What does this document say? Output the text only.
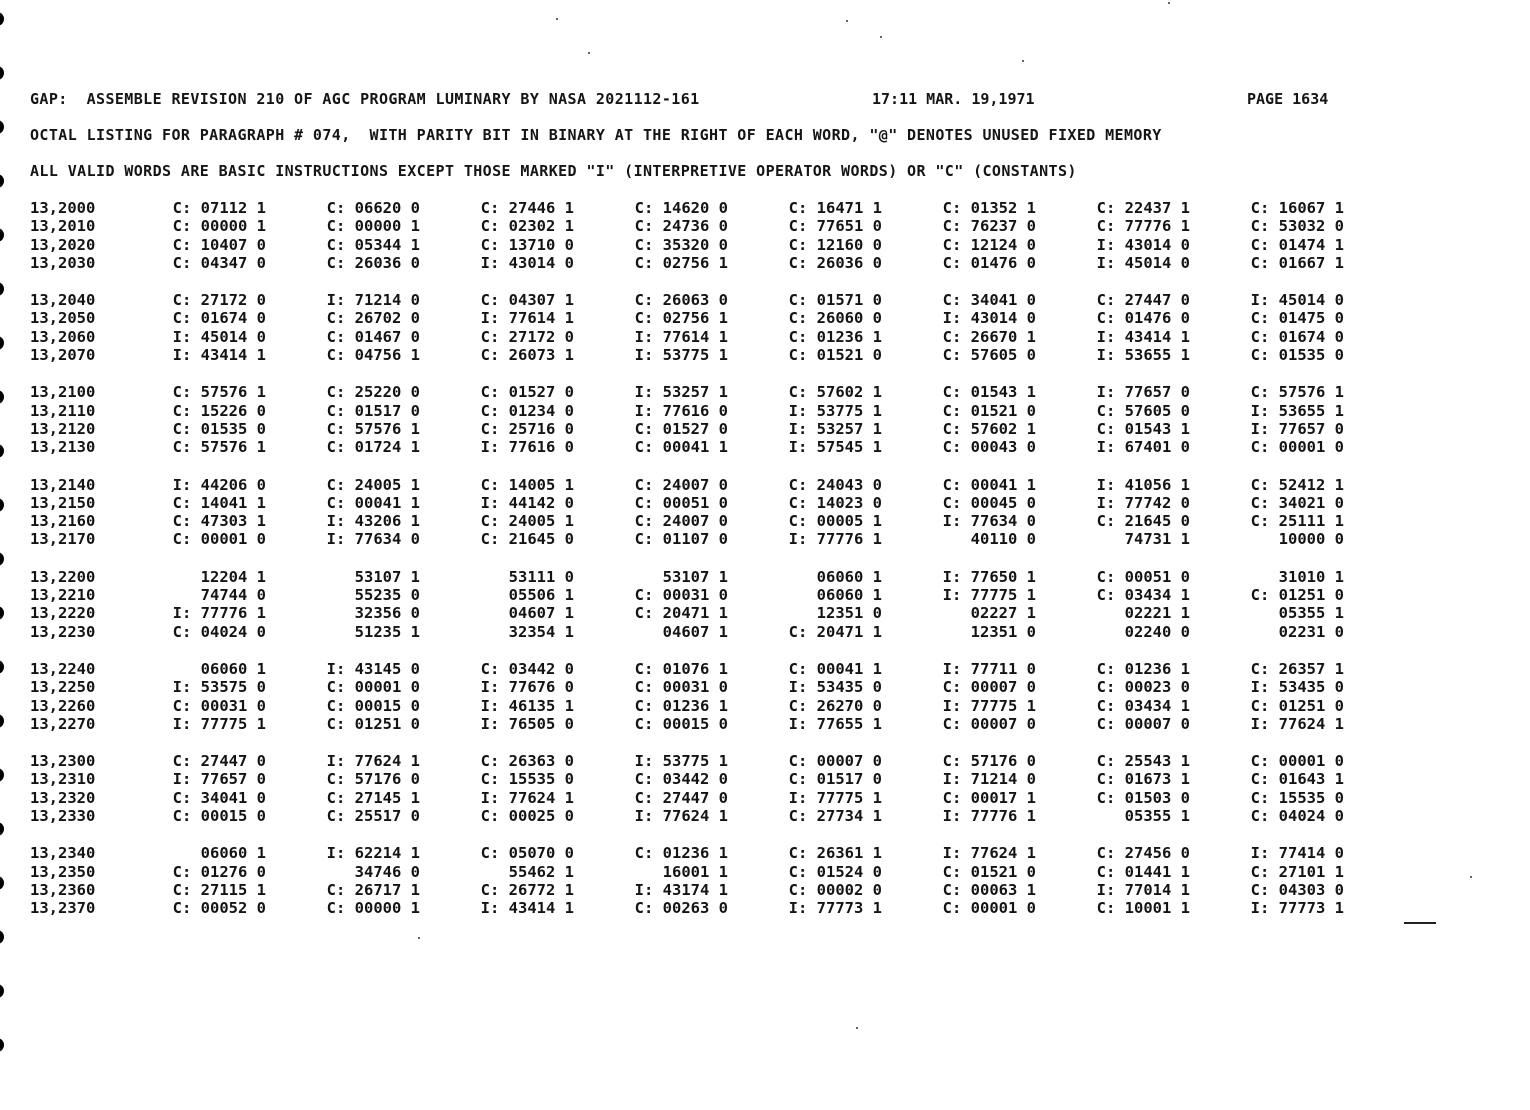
GAP:  ASSEMBLE REVISION 210 OF AGC PROGRAM LUMINARY BY NASA 2021112-161	17:11 MAR. 19,1971	PAGE 1634
OCTAL LISTING FOR PARAGRAPH # 074,  WITH PARITY BIT IN BINARY AT THE RIGHT OF EACH WORD, "@" DENOTES UNUSED FIXED MEMORY
ALL VALID WORDS ARE BASIC INSTRUCTIONS EXCEPT THOSE MARKED "I" (INTERPRETIVE OPERATOR WORDS) OR "C" (CONSTANTS)
13,2000	C: 07112 1	C: 06620 0	C: 27446 1	C: 14620 0	C: 16471 1	C: 01352 1	C: 22437 1	C: 16067 1
13,2010	C: 00000 1	C: 00000 1	C: 02302 1	C: 24736 0	C: 77651 0	C: 76237 0	C: 77776 1	C: 53032 0
13,2020	C: 10407 0	C: 05344 1	C: 13710 0	C: 35320 0	C: 12160 0	C: 12124 0	I: 43014 0	C: 01474 1
13,2030	C: 04347 0	C: 26036 0	I: 43014 0	C: 02756 1	C: 26036 0	C: 01476 0	I: 45014 0	C: 01667 1
13,2040	C: 27172 0	I: 71214 0	C: 04307 1	C: 26063 0	C: 01571 0	C: 34041 0	C: 27447 0	I: 45014 0
13,2050	C: 01674 0	C: 26702 0	I: 77614 1	C: 02756 1	C: 26060 0	I: 43014 0	C: 01476 0	C: 01475 0
13,2060	I: 45014 0	C: 01467 0	C: 27172 0	I: 77614 1	C: 01236 1	C: 26670 1	I: 43414 1	C: 01674 0
13,2070	I: 43414 1	C: 04756 1	C: 26073 1	I: 53775 1	C: 01521 0	C: 57605 0	I: 53655 1	C: 01535 0
13,2100	C: 57576 1	C: 25220 0	C: 01527 0	I: 53257 1	C: 57602 1	C: 01543 1	I: 77657 0	C: 57576 1
13,2110	C: 15226 0	C: 01517 0	C: 01234 0	I: 77616 0	I: 53775 1	C: 01521 0	C: 57605 0	I: 53655 1
13,2120	C: 01535 0	C: 57576 1	C: 25716 0	C: 01527 0	I: 53257 1	C: 57602 1	C: 01543 1	I: 77657 0
13,2130	C: 57576 1	C: 01724 1	I: 77616 0	C: 00041 1	I: 57545 1	C: 00043 0	I: 67401 0	C: 00001 0
13,2140	I: 44206 0	C: 24005 1	C: 14005 1	C: 24007 0	C: 24043 0	C: 00041 1	I: 41056 1	C: 52412 1
13,2150	C: 14041 1	C: 00041 1	I: 44142 0	C: 00051 0	C: 14023 0	C: 00045 0	I: 77742 0	C: 34021 0
13,2160	C: 47303 1	I: 43206 1	C: 24005 1	C: 24007 0	C: 00005 1	I: 77634 0	C: 21645 0	C: 25111 1
13,2170	C: 00001 0	I: 77634 0	C: 21645 0	C: 01107 0	I: 77776 1	40110 0	74731 1	10000 0
13,2200	12204 1	53107 1	53111 0	53107 1	06060 1	I: 77650 1	C: 00051 0	31010 1
13,2210	74744 0	55235 0	05506 1	C: 00031 0	06060 1	I: 77775 1	C: 03434 1	C: 01251 0
13,2220	I: 77776 1	32356 0	04607 1	C: 20471 1	12351 0	02227 1	02221 1	05355 1
13,2230	C: 04024 0	51235 1	32354 1	04607 1	C: 20471 1	12351 0	02240 0	02231 0
13,2240	06060 1	I: 43145 0	C: 03442 0	C: 01076 1	C: 00041 1	I: 77711 0	C: 01236 1	C: 26357 1
13,2250	I: 53575 0	C: 00001 0	I: 77676 0	C: 00031 0	I: 53435 0	C: 00007 0	C: 00023 0	I: 53435 0
13,2260	C: 00031 0	C: 00015 0	I: 46135 1	C: 01236 1	C: 26270 0	I: 77775 1	C: 03434 1	C: 01251 0
13,2270	I: 77775 1	C: 01251 0	I: 76505 0	C: 00015 0	I: 77655 1	C: 00007 0	C: 00007 0	I: 77624 1
13,2300	C: 27447 0	I: 77624 1	C: 26363 0	I: 53775 1	C: 00007 0	C: 57176 0	C: 25543 1	C: 00001 0
13,2310	I: 77657 0	C: 57176 0	C: 15535 0	C: 03442 0	C: 01517 0	I: 71214 0	C: 01673 1	C: 01643 1
13,2320	C: 34041 0	C: 27145 1	I: 77624 1	C: 27447 0	I: 77775 1	C: 00017 1	C: 01503 0	C: 15535 0
13,2330	C: 00015 0	C: 25517 0	C: 00025 0	I: 77624 1	C: 27734 1	I: 77776 1	05355 1	C: 04024 0
13,2340	06060 1	I: 62214 1	C: 05070 0	C: 01236 1	C: 26361 1	I: 77624 1	C: 27456 0	I: 77414 0
13,2350	C: 01276 0	34746 0	55462 1	16001 1	C: 01524 0	C: 01521 0	C: 01441 1	C: 27101 1
13,2360	C: 27115 1	C: 26717 1	C: 26772 1	I: 43174 1	C: 00002 0	C: 00063 1	I: 77014 1	C: 04303 0
13,2370	C: 00052 0	C: 00000 1	I: 43414 1	C: 00263 0	I: 77773 1	C: 00001 0	C: 10001 1	I: 77773 1
